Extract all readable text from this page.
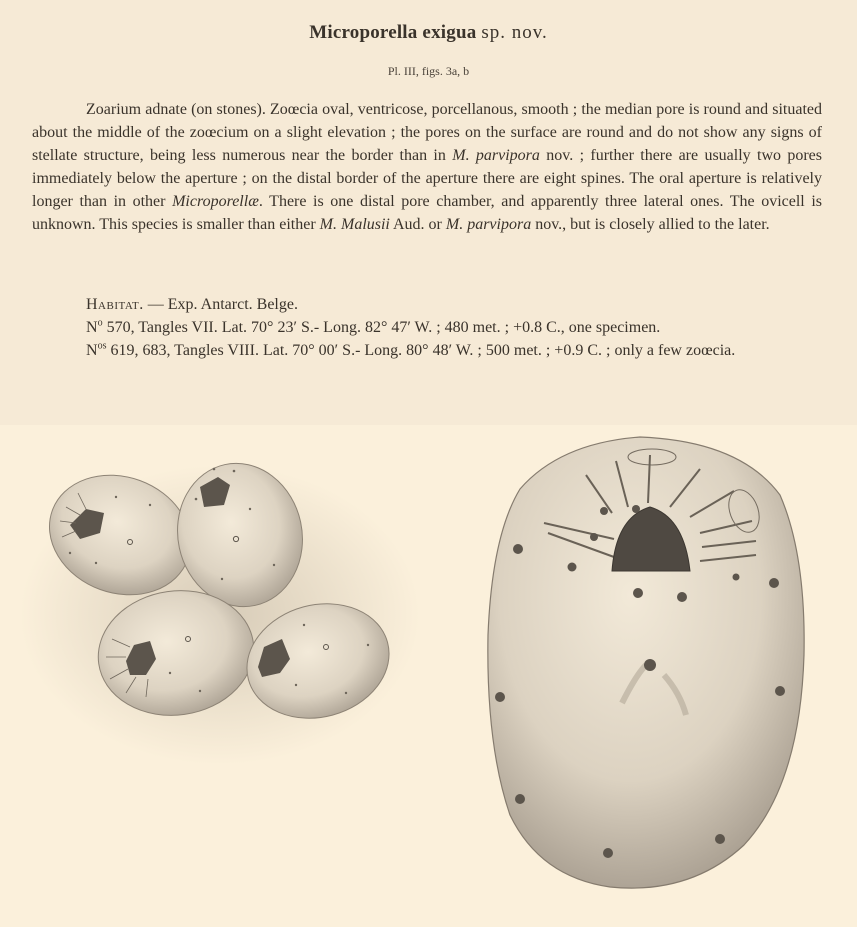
Microporella exigua sp. nov.
Pl. III, figs. 3a, b

Zoarium adnate (on stones). Zoœcia oval, ventricose, porcellanous, smooth ; the median pore is round and situated about the middle of the zoœcium on a slight elevation ; the pores on the surface are round and do not show any signs of stellate structure, being less numerous near the border than in M. parvipora nov. ; further there are usually two pores immediately below the aperture ; on the distal border of the aperture there are eight spines. The oral aperture is relatively longer than in other Microporellæ. There is one distal pore chamber, and apparently three lateral ones. The ovicell is unknown. This species is smaller than either M. Malusii Aud. or M. parvipora nov., but is closely allied to the later.

Habitat. — Exp. Antarct. Belge.

$N^o$ 570, Tangles VII. Lat. 70° 23′ S.- Long. 82° 47′ W. ; 480 met. ; +0.8 C., one specimen.

$N^{os}$ 619, 683, Tangles VIII. Lat. 70° 00′ S.- Long. 80° 48′ W. ; 500 met. ; +0.9 C. ; only a few zoœcia.
